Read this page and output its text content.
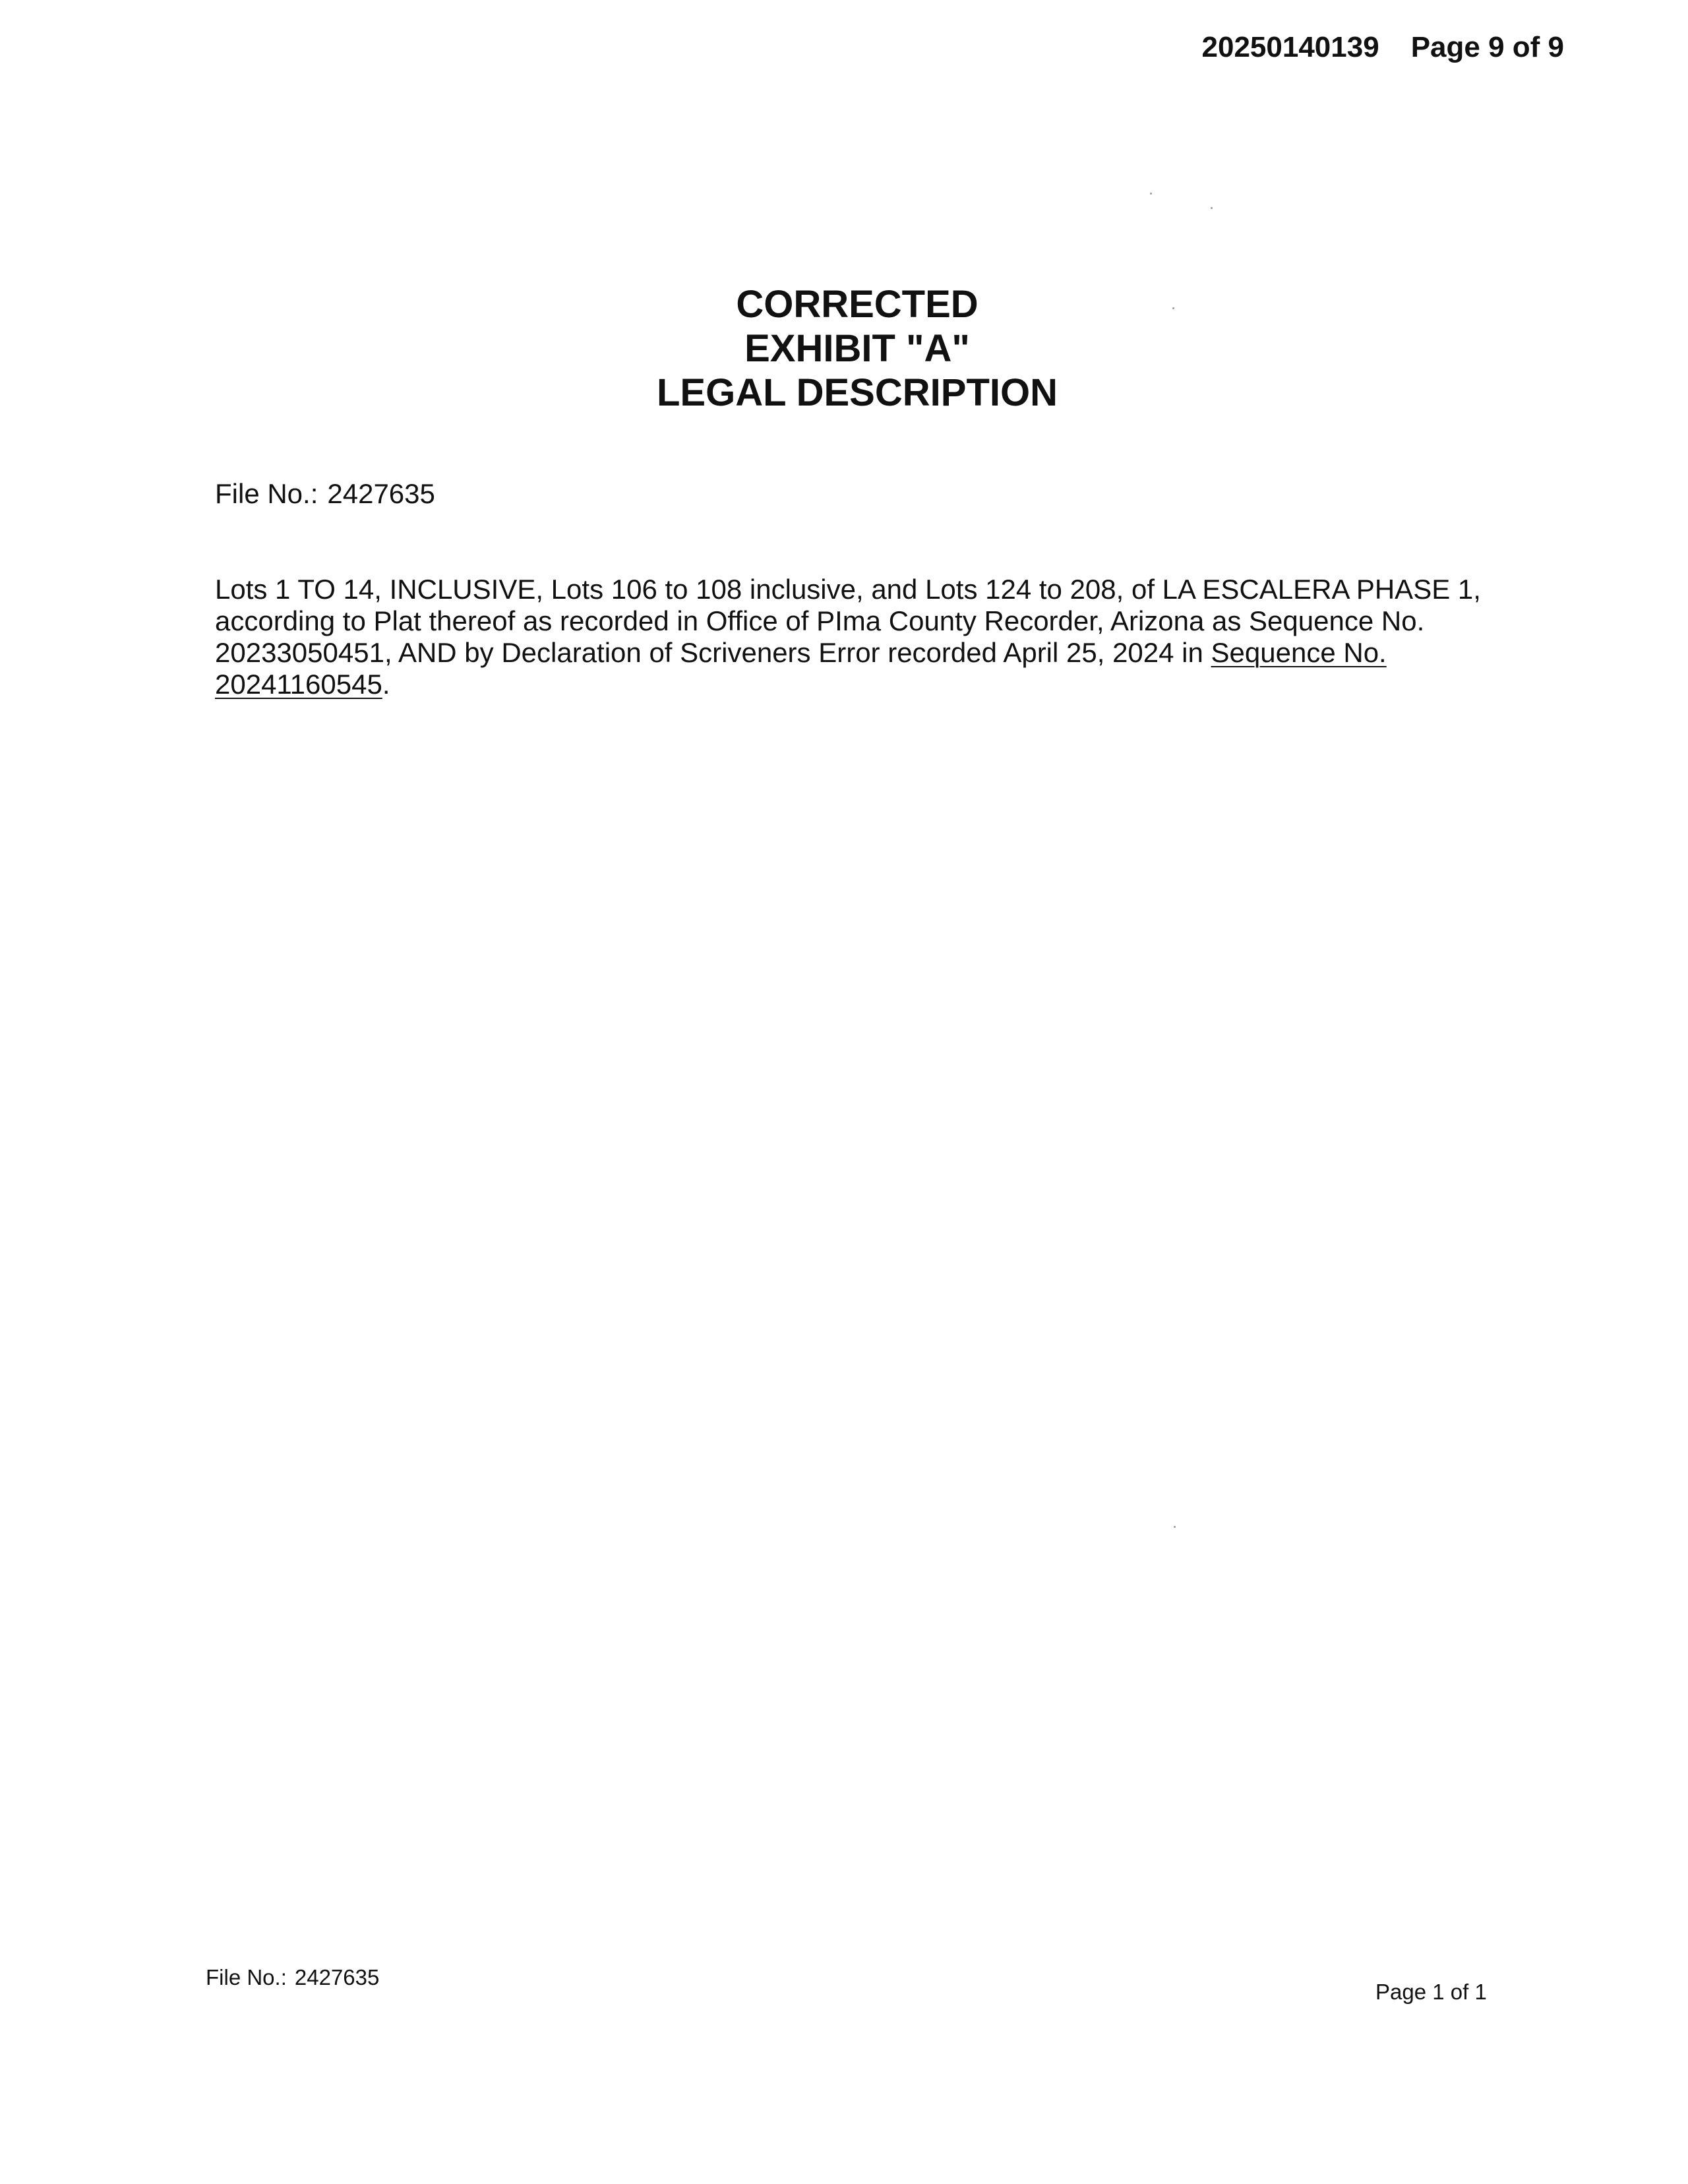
20250140139 Page 9 of 9
CORRECTED
EXHIBIT "A"
LEGAL DESCRIPTION
File No.: 2427635
Lots 1 TO 14, INCLUSIVE, Lots 106 to 108 inclusive, and Lots 124 to 208, of LA ESCALERA PHASE 1,
according to Plat thereof as recorded in Office of PIma County Recorder, Arizona as Sequence No.
20233050451, AND by Declaration of Scriveners Error recorded April 25, 2024 in Sequence No.
20241160545.
File No.: 2427635
Page 1 of 1
